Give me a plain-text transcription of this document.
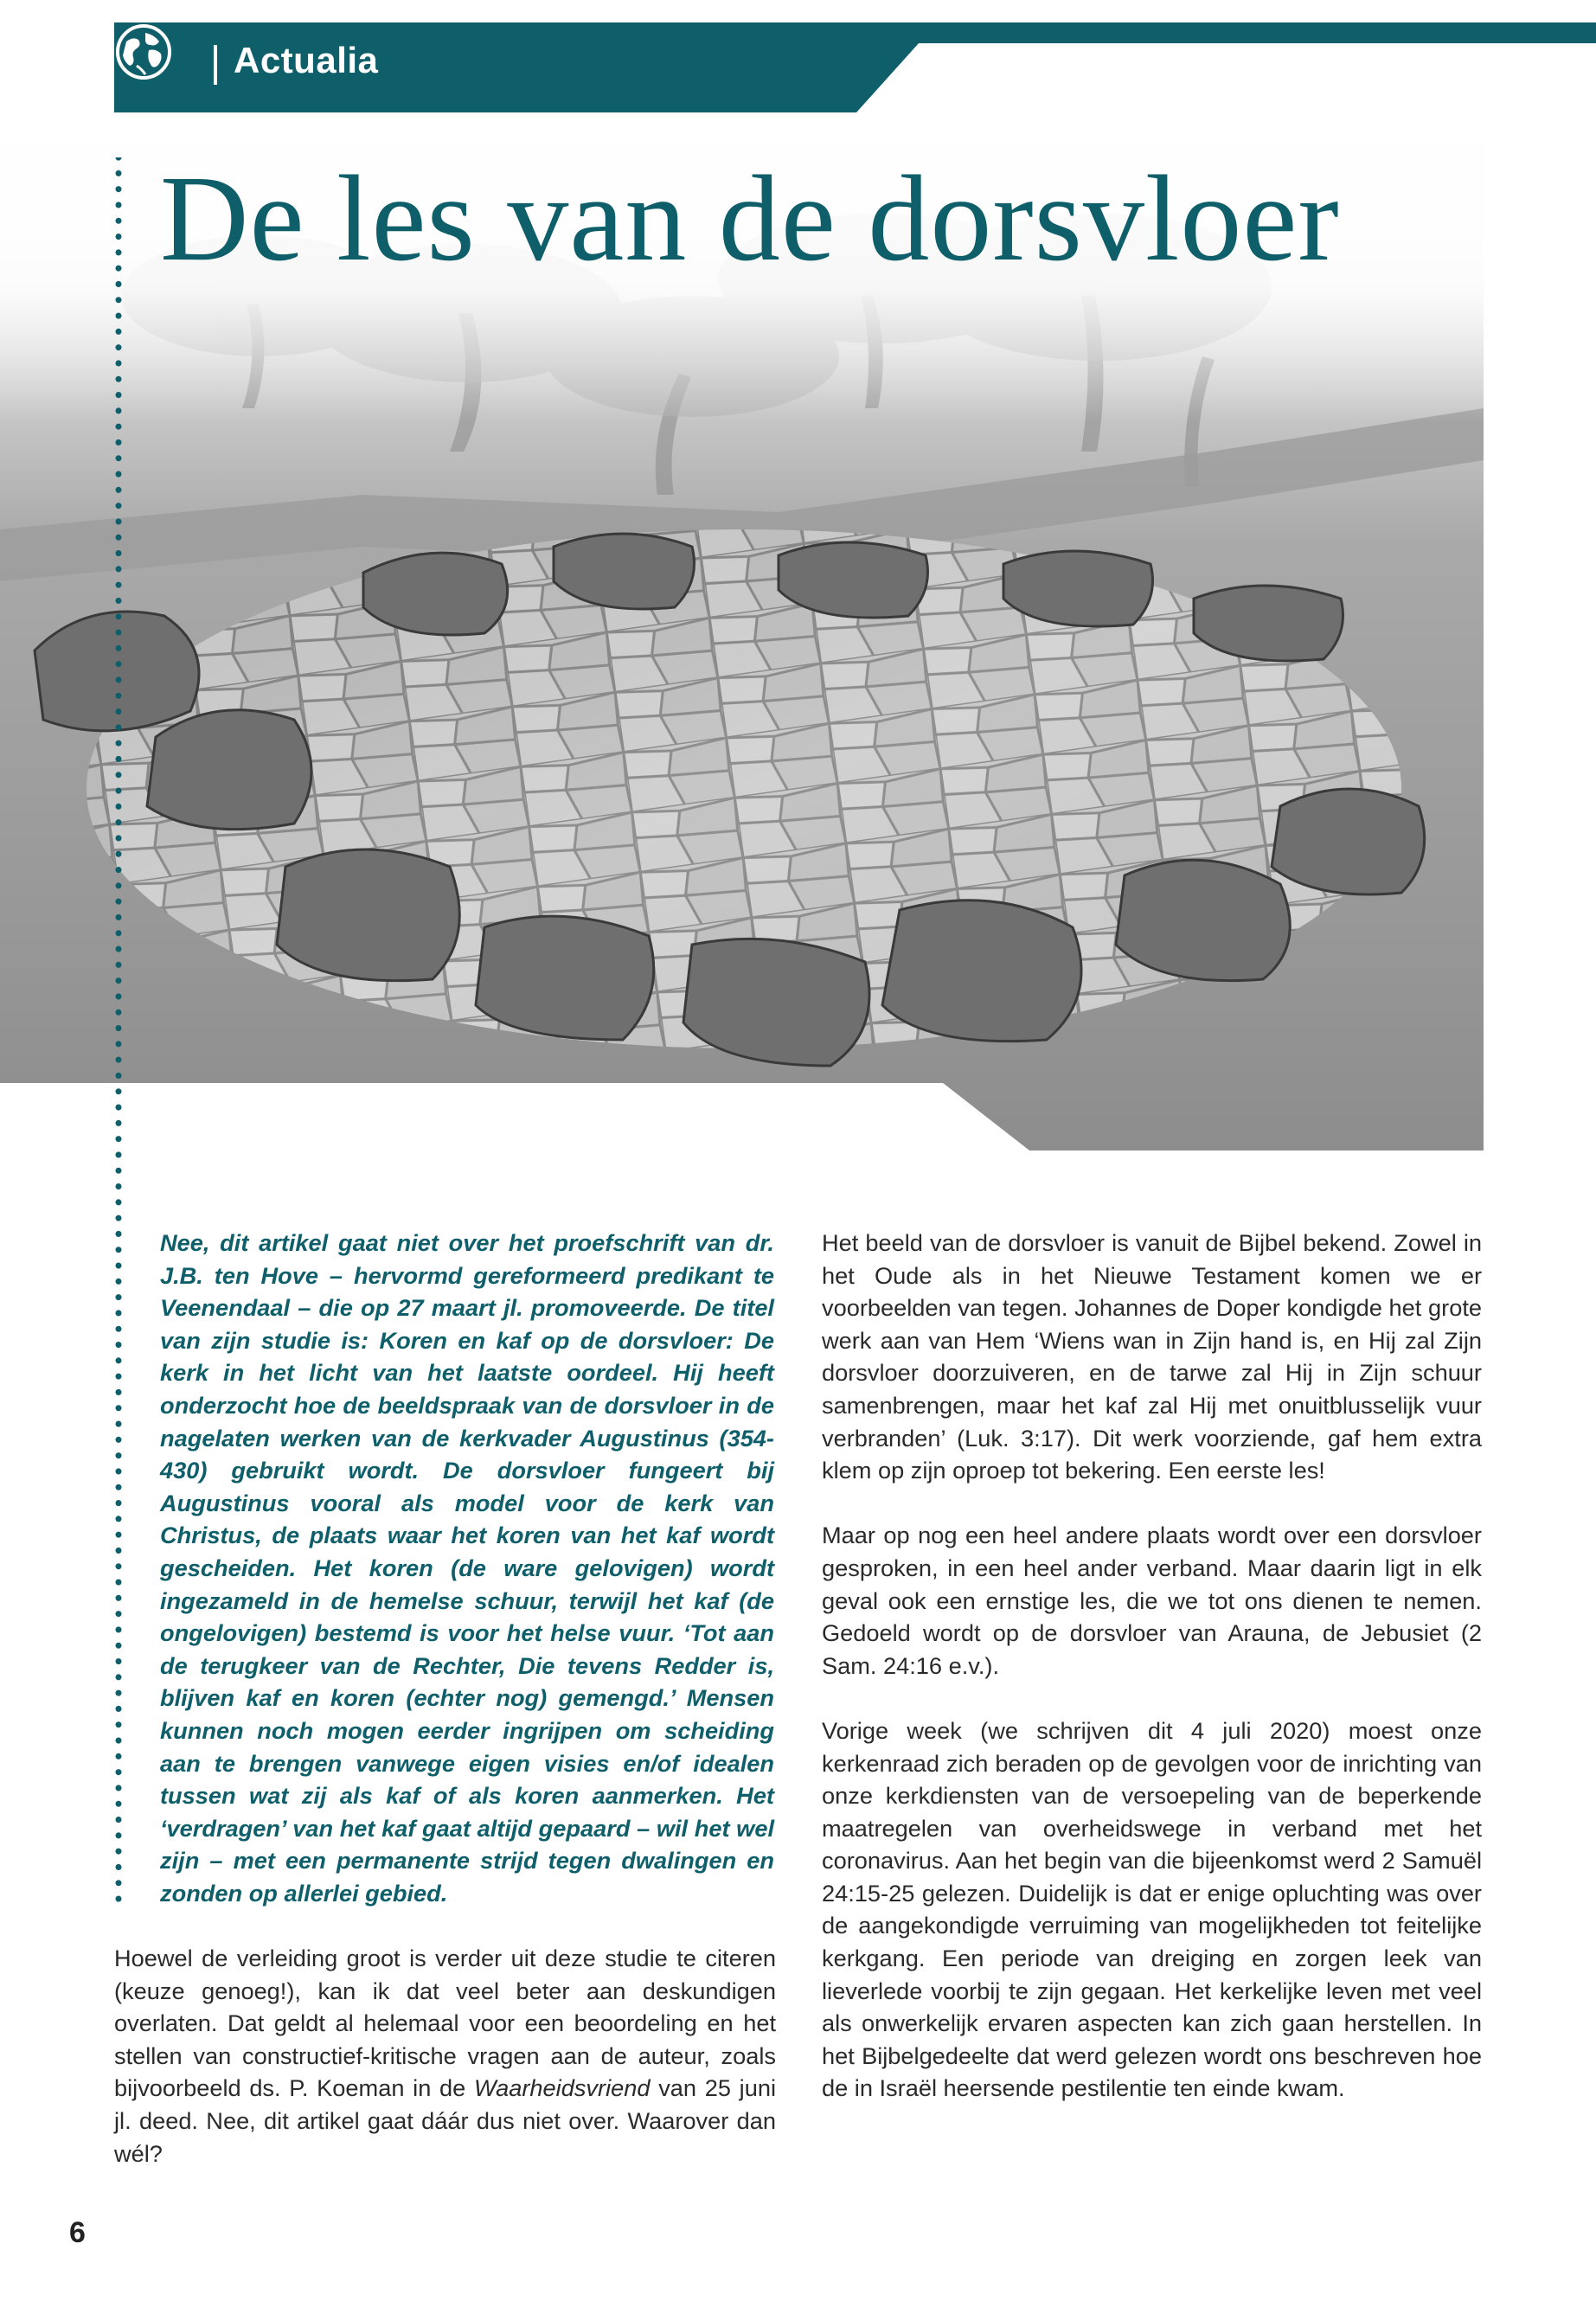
Actualia
De les van de dorsvloer

Nee, dit artikel gaat niet over het proefschrift van dr. J.B. ten Hove – hervormd gereformeerd predikant te Veenendaal – die op 27 maart jl. promoveerde. De titel van zijn studie is: Koren en kaf op de dorsvloer: De kerk in het licht van het laatste oordeel. Hij heeft onderzocht hoe de beeldspraak van de dorsvloer in de nagelaten werken van de kerkvader Augustinus (354-430) gebruikt wordt. De dorsvloer fungeert bij Augustinus vooral als model voor de kerk van Christus, de plaats waar het koren van het kaf wordt gescheiden. Het koren (de ware gelovigen) wordt ingezameld in de hemelse schuur, terwijl het kaf (de ongelovigen) bestemd is voor het helse vuur. ‘Tot aan de terugkeer van de Rechter, Die tevens Redder is, blijven kaf en koren (echter nog) gemengd.’ Mensen kunnen noch mogen eerder ingrijpen om scheiding aan te brengen vanwege eigen visies en/of idealen tussen wat zij als kaf of als koren aanmerken. Het ‘verdragen’ van het kaf gaat altijd gepaard – wil het wel zijn – met een permanente strijd tegen dwalingen en zonden op allerlei gebied.

Hoewel de verleiding groot is verder uit deze studie te citeren (keuze genoeg!), kan ik dat veel beter aan deskundigen overlaten. Dat geldt al helemaal voor een beoordeling en het stellen van constructief-kritische vragen aan de auteur, zoals bijvoorbeeld ds. P. Koeman in de Waarheidsvriend van 25 juni jl. deed. Nee, dit artikel gaat dáár dus niet over. Waarover dan wél?

Het beeld van de dorsvloer is vanuit de Bijbel bekend. Zowel in het Oude als in het Nieuwe Testament komen we er voorbeelden van tegen. Johannes de Doper kondigde het grote werk aan van Hem ‘Wiens wan in Zijn hand is, en Hij zal Zijn dorsvloer doorzuiveren, en de tarwe zal Hij in Zijn schuur samenbrengen, maar het kaf zal Hij met onuitblusselijk vuur verbranden’ (Luk. 3:17). Dit werk voorziende, gaf hem extra klem op zijn oproep tot bekering. Een eerste les!

Maar op nog een heel andere plaats wordt over een dorsvloer gesproken, in een heel ander verband. Maar daarin ligt in elk geval ook een ernstige les, die we tot ons dienen te nemen. Gedoeld wordt op de dorsvloer van Arauna, de Jebusiet (2 Sam. 24:16 e.v.).

Vorige week (we schrijven dit 4 juli 2020) moest onze kerkenraad zich beraden op de gevolgen voor de inrichting van onze kerkdiensten van de versoepeling van de beperkende maatregelen van overheidswege in verband met het coronavirus. Aan het begin van die bijeenkomst werd 2 Samuël 24:15-25 gelezen. Duidelijk is dat er enige opluchting was over de aangekondigde verruiming van mogelijkheden tot feitelijke kerkgang. Een periode van dreiging en zorgen leek van lieverlede voorbij te zijn gegaan. Het kerkelijke leven met veel als onwerkelijk ervaren aspecten kan zich gaan herstellen. In het Bijbelgedeelte dat werd gelezen wordt ons beschreven hoe de in Israël heersende pestilentie ten einde kwam.

6
